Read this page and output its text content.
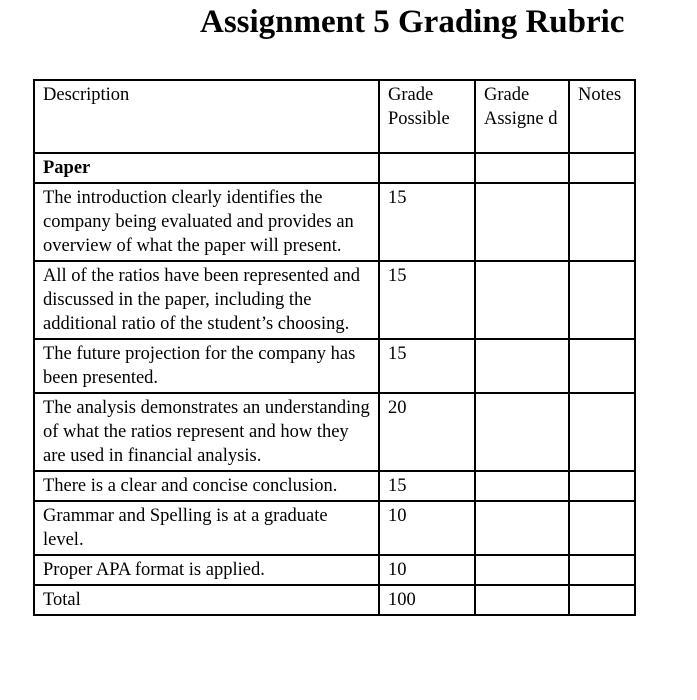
Assignment 5 Grading Rubric
Description	Grade Possible	Grade Assigne d	Notes
Paper			
The introduction clearly identifies the company being evaluated and provides an overview of what the paper will present.	15		
All of the ratios have been represented and discussed in the paper, including the additional ratio of the student’s choosing.	15		
The future projection for the company has been presented.	15		
The analysis demonstrates an understanding of what the ratios represent and how they are used in financial analysis.	20		
There is a clear and concise conclusion.	15		
Grammar and Spelling is at a graduate level.	10		
Proper APA format is applied.	10		
Total	100		
